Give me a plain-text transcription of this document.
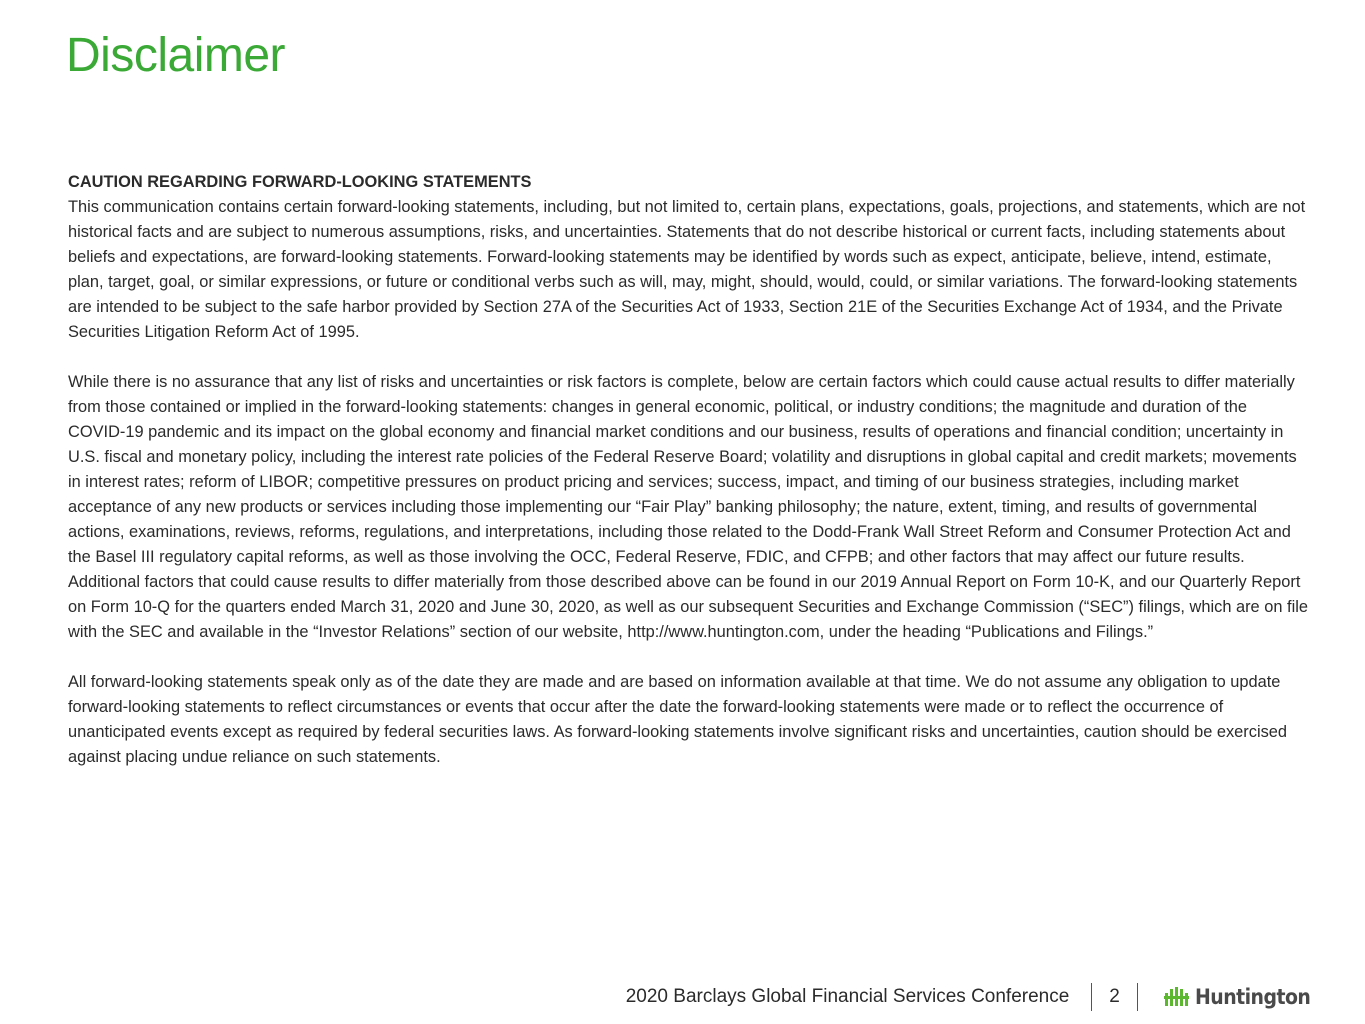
Disclaimer

CAUTION REGARDING FORWARD-LOOKING STATEMENTS

This communication contains certain forward-looking statements, including, but not limited to, certain plans, expectations, goals, projections, and statements, which are not historical facts and are subject to numerous assumptions, risks, and uncertainties. Statements that do not describe historical or current facts, including statements about beliefs and expectations, are forward-looking statements. Forward-looking statements may be identified by words such as expect, anticipate, believe, intend, estimate, plan, target, goal, or similar expressions, or future or conditional verbs such as will, may, might, should, would, could, or similar variations. The forward-looking statements are intended to be subject to the safe harbor provided by Section 27A of the Securities Act of 1933, Section 21E of the Securities Exchange Act of 1934, and the Private Securities Litigation Reform Act of 1995.

While there is no assurance that any list of risks and uncertainties or risk factors is complete, below are certain factors which could cause actual results to differ materially from those contained or implied in the forward-looking statements: changes in general economic, political, or industry conditions; the magnitude and duration of the COVID-19 pandemic and its impact on the global economy and financial market conditions and our business, results of operations and financial condition; uncertainty in U.S. fiscal and monetary policy, including the interest rate policies of the Federal Reserve Board; volatility and disruptions in global capital and credit markets; movements in interest rates; reform of LIBOR; competitive pressures on product pricing and services; success, impact, and timing of our business strategies, including market acceptance of any new products or services including those implementing our “Fair Play” banking philosophy; the nature, extent, timing, and results of governmental actions, examinations, reviews, reforms, regulations, and interpretations, including those related to the Dodd-Frank Wall Street Reform and Consumer Protection Act and the Basel III regulatory capital reforms, as well as those involving the OCC, Federal Reserve, FDIC, and CFPB; and other factors that may affect our future results. Additional factors that could cause results to differ materially from those described above can be found in our 2019 Annual Report on Form 10-K, and our Quarterly Report on Form 10-Q for the quarters ended March 31, 2020 and June 30, 2020, as well as our subsequent Securities and Exchange Commission (“SEC”) filings, which are on file with the SEC and available in the “Investor Relations” section of our website, http://www.huntington.com, under the heading “Publications and Filings.”

All forward-looking statements speak only as of the date they are made and are based on information available at that time. We do not assume any obligation to update forward-looking statements to reflect circumstances or events that occur after the date the forward-looking statements were made or to reflect the occurrence of unanticipated events except as required by federal securities laws. As forward-looking statements involve significant risks and uncertainties, caution should be exercised against placing undue reliance on such statements.

2020 Barclays Global Financial Services Conference 2	Huntington
